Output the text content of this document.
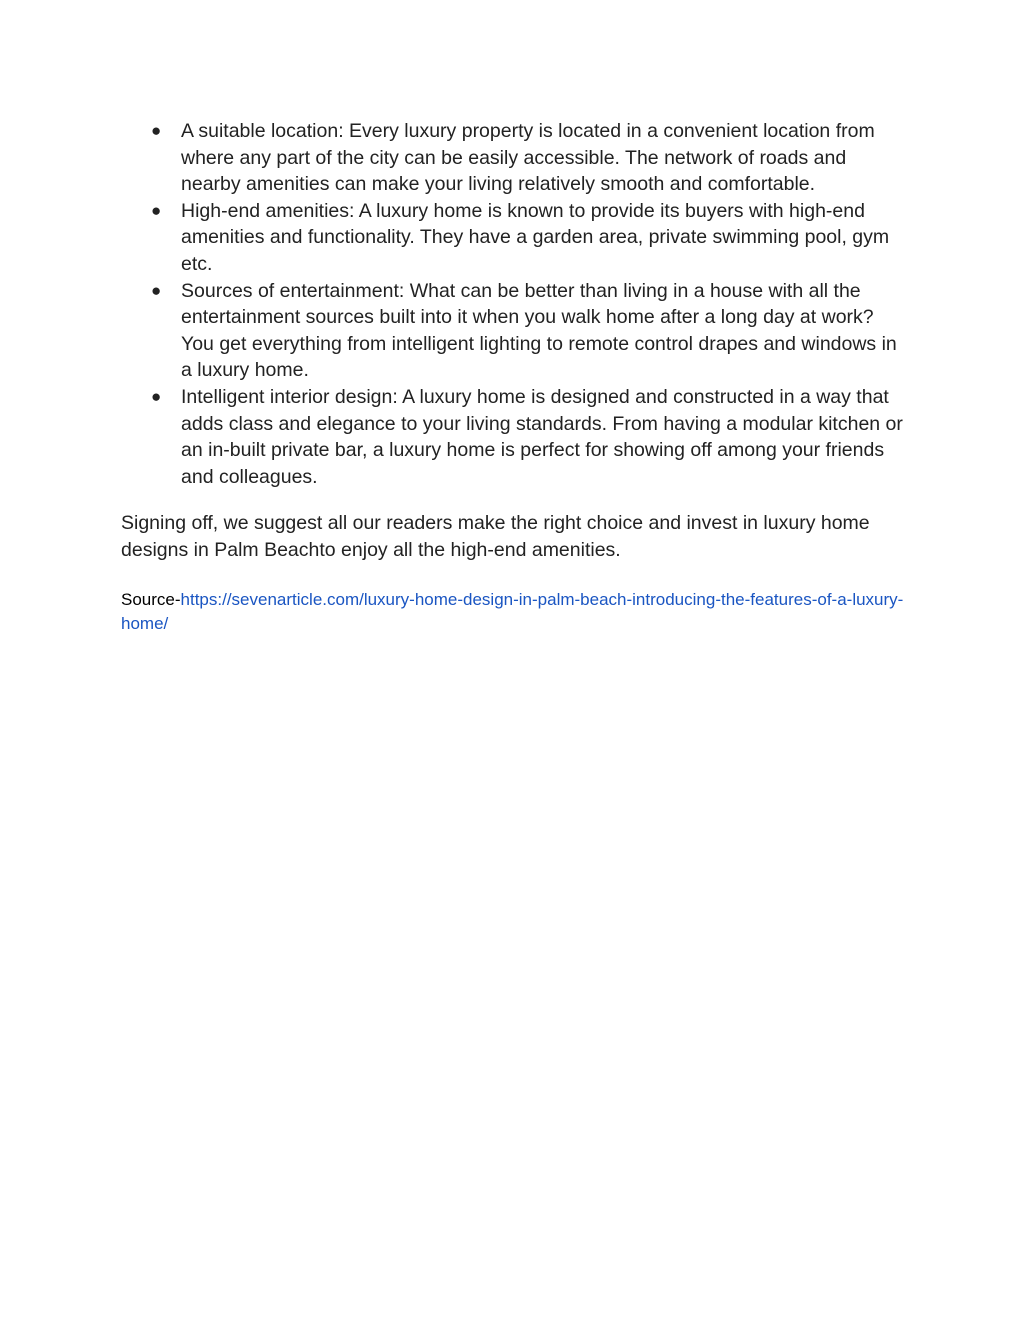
● A suitable location: Every luxury property is located in a convenient location from where any part of the city can be easily accessible. The network of roads and nearby amenities can make your living relatively smooth and comfortable.
● High-end amenities: A luxury home is known to provide its buyers with high-end amenities and functionality. They have a garden area, private swimming pool, gym etc.
● Sources of entertainment: What can be better than living in a house with all the entertainment sources built into it when you walk home after a long day at work? You get everything from intelligent lighting to remote control drapes and windows in a luxury home.
● Intelligent interior design: A luxury home is designed and constructed in a way that adds class and elegance to your living standards. From having a modular kitchen or an in-built private bar, a luxury home is perfect for showing off among your friends and colleagues.

Signing off, we suggest all our readers make the right choice and invest in luxury home designs in Palm Beachto enjoy all the high-end amenities.

Source-https://sevenarticle.com/luxury-home-design-in-palm-beach-introducing-the-features-of-a-luxury-home/
